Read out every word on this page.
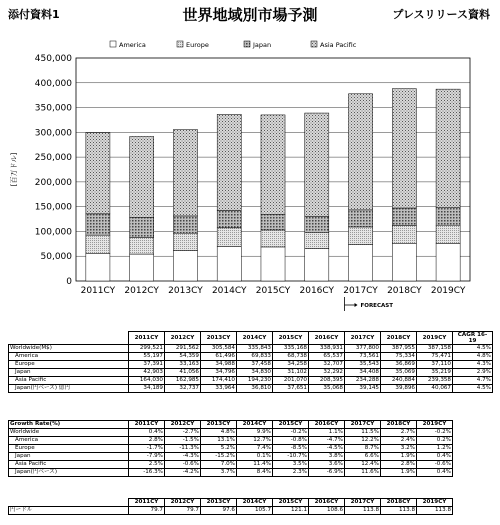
添付資料1	世界地域別市場予測	プレスリリース資料
0
50,000
100,000
150,000
200,000
250,000
300,000
350,000
400,000
450,000
[百万ドル]
2011CY 2012CY 2013CY 2014CY 2015CY 2016CY 2017CY 2018CY 2019CY
America	Europe	Japan	Asia Pacific
FORECAST
	2011CY	2012CY	2013CY	2014CY	2015CY	2016CY	2017CY	2018CY	2019CY	CAGR 16-19
Worldwide(M$)	299,521	291,562	305,584	335,843	335,168	338,931	377,800	387,955	387,158	4.5%
America	55,197	54,359	61,496	69,833	68,738	65,537	73,561	75,334	75,471	4.8%
Europe	37,391	33,163	34,988	37,458	34,258	32,707	35,543	36,869	37,110	4.3%
Japan	42,903	41,056	34,796	34,830	31,102	32,292	34,408	35,069	35,219	2.9%
Asia Pacific	164,030	162,985	174,410	194,230	201,070	208,395	234,288	240,884	239,358	4.7%
Japan(円ベース) 億円	34,189	32,737	33,964	36,810	37,651	35,068	39,145	39,896	40,067	4.5%
Growth Rate(%)	2011CY	2012CY	2013CY	2014CY	2015CY	2016CY	2017CY	2018CY	2019CY
Worldwide	0.4%	-2.7%	4.8%	9.9%	-0.2%	1.1%	11.5%	2.7%	-0.2%
America	2.8%	-1.5%	13.1%	12.7%	-0.8%	-4.7%	12.2%	2.4%	0.2%
Europe	-1.7%	-11.3%	5.2%	7.4%	-8.5%	-4.5%	8.7%	3.2%	1.2%
Japan	-7.9%	-4.3%	-15.2%	0.1%	-10.7%	3.8%	6.6%	1.9%	0.4%
Asia Pacific	2.5%	-0.6%	7.0%	11.4%	3.5%	3.6%	12.4%	2.8%	-0.6%
Japan(円ベース)	-16.3%	-4.2%	3.7%	8.4%	2.3%	-6.9%	11.6%	1.9%	0.4%
	2011CY	2012CY	2013CY	2014CY	2015CY	2016CY	2017CY	2018CY	2019CY
円ードル	79.7	79.7	97.6	105.7	121.1	108.6	113.8	113.8	113.8
